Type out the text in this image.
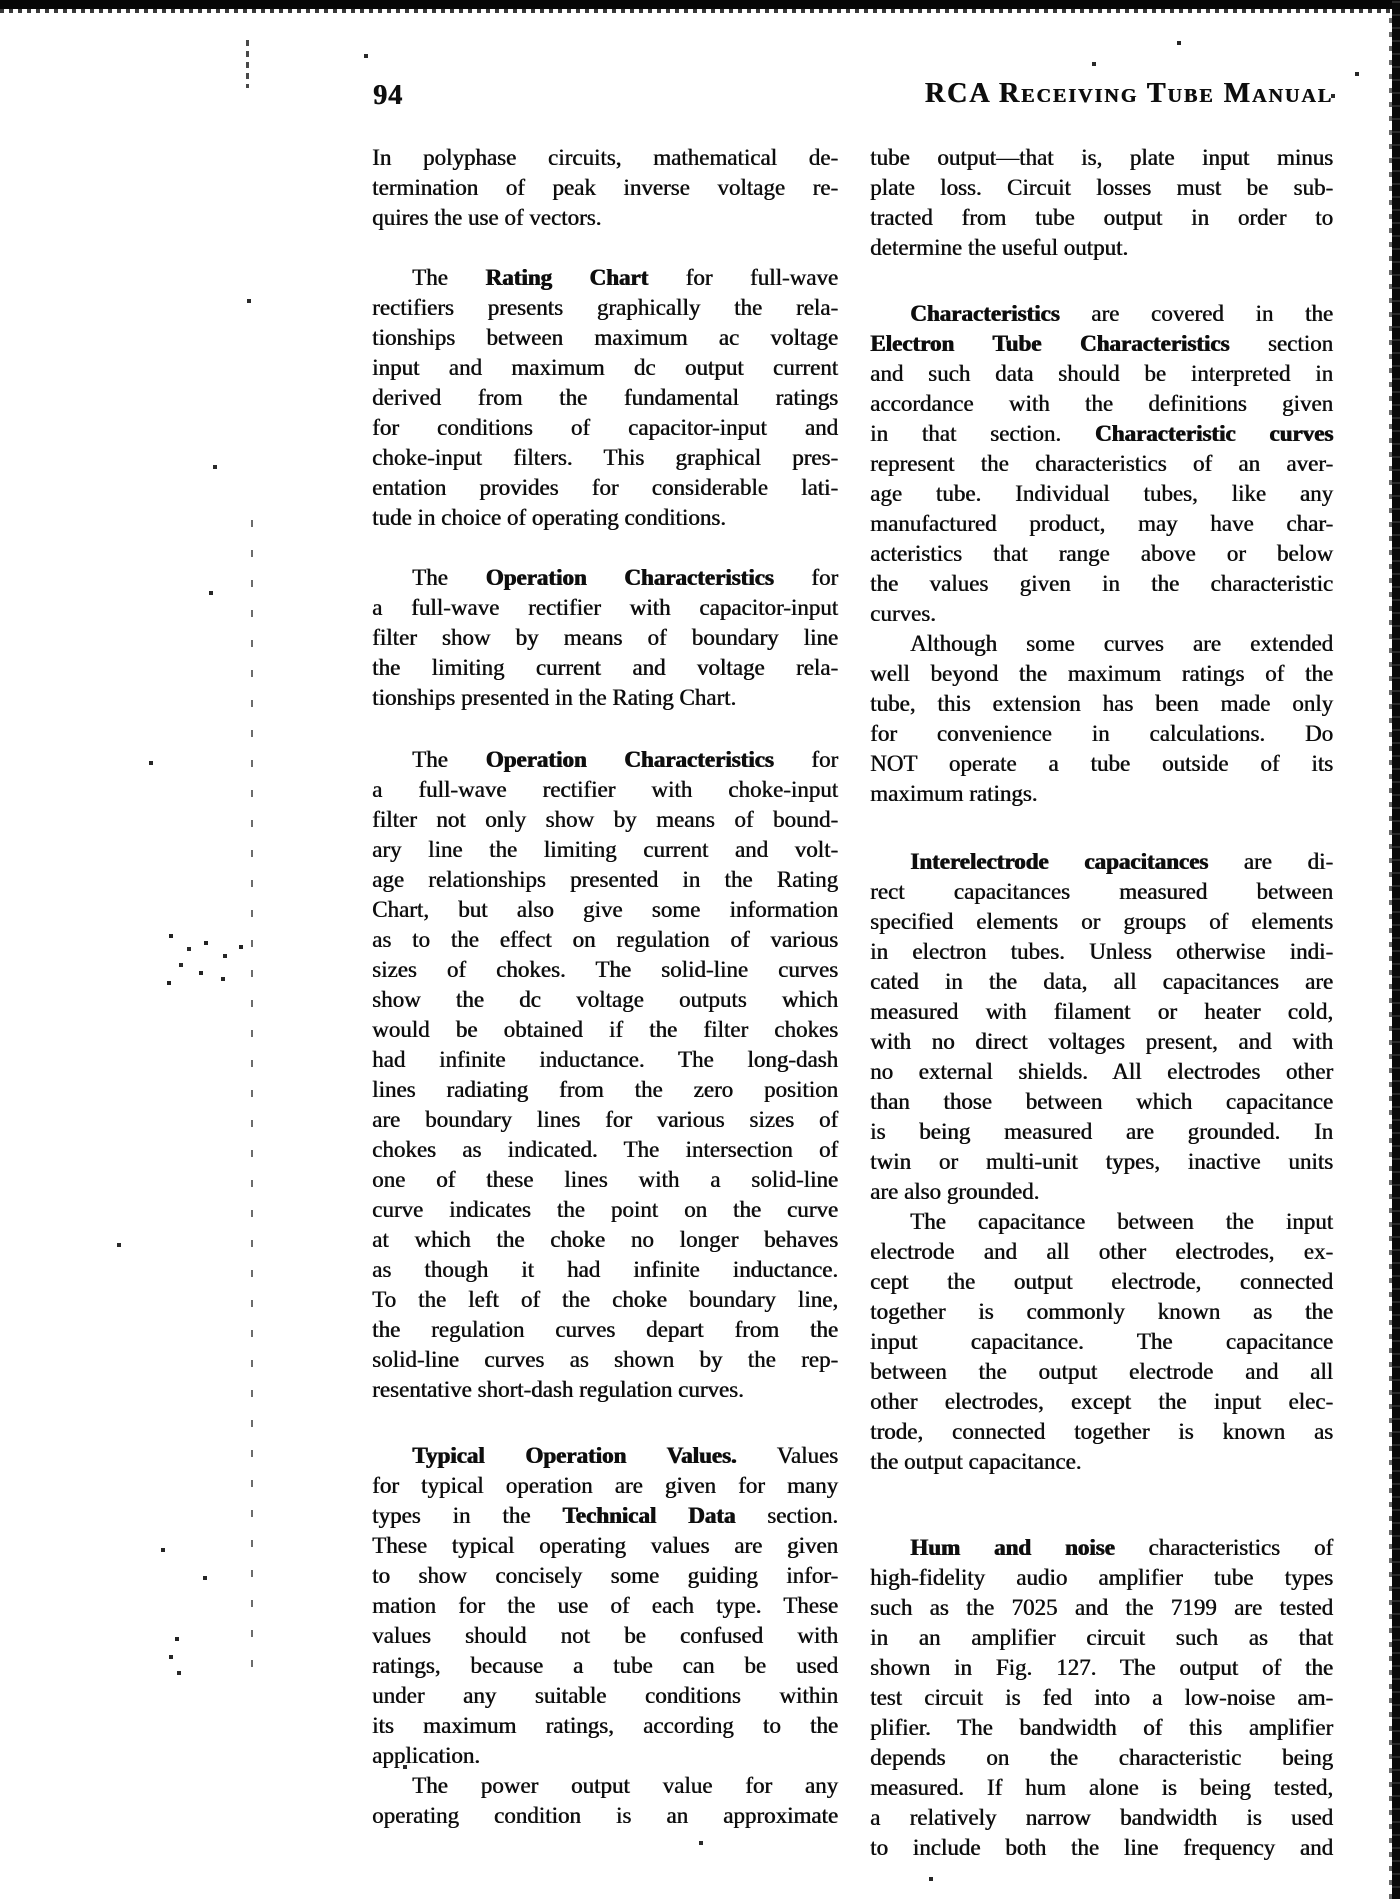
94	RCA Receiving Tube Manual
In polyphase circuits, mathematical de-
termination of peak inverse voltage re-
quires the use of vectors.
The Rating Chart for full-wave
rectifiers presents graphically the rela-
tionships between maximum ac voltage
input and maximum dc output current
derived from the fundamental ratings
for conditions of capacitor-input and
choke-input filters. This graphical pres-
entation provides for considerable lati-
tude in choice of operating conditions.
The Operation Characteristics for
a full-wave rectifier with capacitor-input
filter show by means of boundary line
the limiting current and voltage rela-
tionships presented in the Rating Chart.
The Operation Characteristics for
a full-wave rectifier with choke-input
filter not only show by means of bound-
ary line the limiting current and volt-
age relationships presented in the Rating
Chart, but also give some information
as to the effect on regulation of various
sizes of chokes. The solid-line curves
show the dc voltage outputs which
would be obtained if the filter chokes
had infinite inductance. The long-dash
lines radiating from the zero position
are boundary lines for various sizes of
chokes as indicated. The intersection of
one of these lines with a solid-line
curve indicates the point on the curve
at which the choke no longer behaves
as though it had infinite inductance.
To the left of the choke boundary line,
the regulation curves depart from the
solid-line curves as shown by the rep-
resentative short-dash regulation curves.
Typical Operation Values. Values
for typical operation are given for many
types in the Technical Data section.
These typical operating values are given
to show concisely some guiding infor-
mation for the use of each type. These
values should not be confused with
ratings, because a tube can be used
under any suitable conditions within
its maximum ratings, according to the
application.
The power output value for any
operating condition is an approximate
tube output—that is, plate input minus
plate loss. Circuit losses must be sub-
tracted from tube output in order to
determine the useful output.
Characteristics are covered in the
Electron Tube Characteristics section
and such data should be interpreted in
accordance with the definitions given
in that section. Characteristic curves
represent the characteristics of an aver-
age tube. Individual tubes, like any
manufactured product, may have char-
acteristics that range above or below
the values given in the characteristic
curves.
Although some curves are extended
well beyond the maximum ratings of the
tube, this extension has been made only
for convenience in calculations. Do
NOT operate a tube outside of its
maximum ratings.
Interelectrode capacitances are di-
rect capacitances measured between
specified elements or groups of elements
in electron tubes. Unless otherwise indi-
cated in the data, all capacitances are
measured with filament or heater cold,
with no direct voltages present, and with
no external shields. All electrodes other
than those between which capacitance
is being measured are grounded. In
twin or multi-unit types, inactive units
are also grounded.
The capacitance between the input
electrode and all other electrodes, ex-
cept the output electrode, connected
together is commonly known as the
input capacitance. The capacitance
between the output electrode and all
other electrodes, except the input elec-
trode, connected together is known as
the output capacitance.
Hum and noise characteristics of
high-fidelity audio amplifier tube types
such as the 7025 and the 7199 are tested
in an amplifier circuit such as that
shown in Fig. 127. The output of the
test circuit is fed into a low-noise am-
plifier. The bandwidth of this amplifier
depends on the characteristic being
measured. If hum alone is being tested,
a relatively narrow bandwidth is used
to include both the line frequency and
